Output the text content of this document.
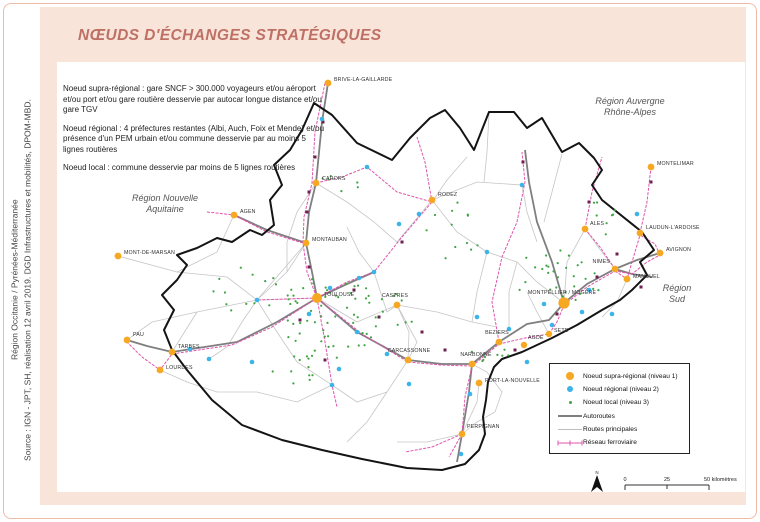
NŒUDS D'ÉCHANGES STRATÉGIQUES
Source : IGN - JPT, SH, réalisation 12 avril 2019. DGD Infrastructures et mobilités, DPOM-MBD.
Région Occitanie / Pyrénées-Méditerranée
BRIVE-LA-GAILLARDE
MONTELIMAR
AGEN
MONT-DE-MARSAN
CAHORS
RODEZ
MONTAUBAN
TOULOUSE	CASTRES
ALES
LAUDUN-L'ARDOISE
AVIGNON
NIMES
MANDUEL
MONTPELLIER / MOGÈRE
SETE
BEZIERS
AGDE
NARBONNE
PORT-LA-NOUVELLE
CARCASSONNE
PERPIGNAN
PAU
TARBES
LOURDES

Noeud supra-régional : gare SNCF > 300.000 voyageurs et/ou aéroport et/ou port et/ou gare routière desservie par autocar longue distance et/ou gare TGV

Noeud régional : 4 préfectures restantes (Albi, Auch, Foix et Mende) et/ou présence d'un PEM urbain et/ou commune desservie par au moins 5 lignes routières

Noeud local : commune desservie par moins de 5 lignes routières

Région Nouvelle
Aquitaine
Région Auvergne
Rhône-Alpes
Région
Sud
Noeud supra-régional (niveau 1)
Noeud régional (niveau 2)
Noeud local (niveau 3)
Autoroutes
Routes principales
Réseau ferroviaire
N
0	25	50 kilomètres
